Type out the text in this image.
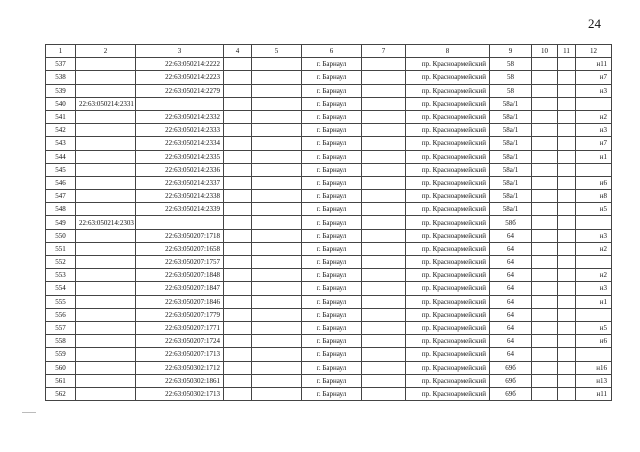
24
1	2	3	4	5	6	7	8	9	10	11	12
537		22:63:050214:2222			г. Барнаул		пр. Красноармейский	58			н11
538		22:63:050214:2223			г. Барнаул		пр. Красноармейский	58			н7
539		22:63:050214:2279			г. Барнаул		пр. Красноармейский	58			н3
540	22:63:050214:2331				г. Барнаул		пр. Красноармейский	58а/1			
541		22:63:050214:2332			г. Барнаул		пр. Красноармейский	58а/1			н2
542		22:63:050214:2333			г. Барнаул		пр. Красноармейский	58а/1			н3
543		22:63:050214:2334			г. Барнаул		пр. Красноармейский	58а/1			н7
544		22:63:050214:2335			г. Барнаул		пр. Красноармейский	58а/1			н1
545		22:63:050214:2336			г. Барнаул		пр. Красноармейский	58а/1			
546		22:63:050214:2337			г. Барнаул		пр. Красноармейский	58а/1			н6
547		22:63:050214:2338			г. Барнаул		пр. Красноармейский	58а/1			н8
548		22:63:050214:2339			г. Барнаул		пр. Красноармейский	58а/1			н5
549	22:63:050214:2303				г. Барнаул		пр. Красноармейский	58б			
550		22:63:050207:1718			г. Барнаул		пр. Красноармейский	64			н3
551		22:63:050207:1658			г. Барнаул		пр. Красноармейский	64			н2
552		22:63:050207:1757			г. Барнаул		пр. Красноармейский	64			
553		22:63:050207:1848			г. Барнаул		пр. Красноармейский	64			н2
554		22:63:050207:1847			г. Барнаул		пр. Красноармейский	64			н3
555		22:63:050207:1846			г. Барнаул		пр. Красноармейский	64			н1
556		22:63:050207:1779			г. Барнаул		пр. Красноармейский	64			
557		22:63:050207:1771			г. Барнаул		пр. Красноармейский	64			н5
558		22:63:050207:1724			г. Барнаул		пр. Красноармейский	64			н6
559		22:63:050207:1713			г. Барнаул		пр. Красноармейский	64			
560		22:63:050302:1712			г. Барнаул		пр. Красноармейский	69б			н16
561		22:63:050302:1861			г. Барнаул		пр. Красноармейский	69б			н13
562		22:63:050302:1713			г. Барнаул		пр. Красноармейский	69б			н11
